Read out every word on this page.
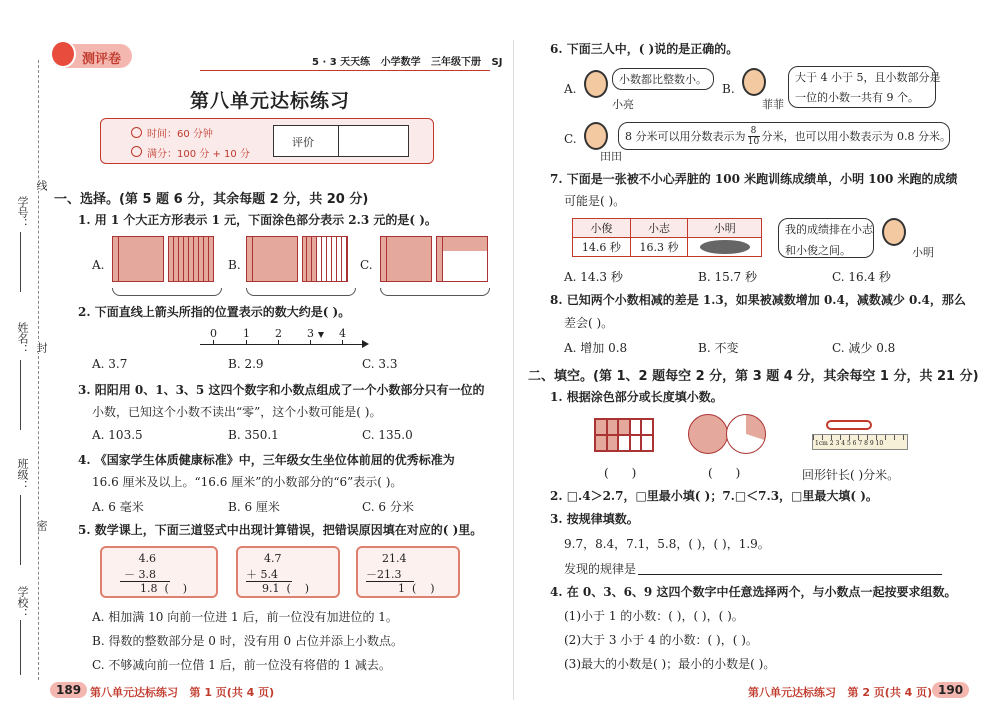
学号：
姓名：
班级：
学校：
线
封
密
测评卷	5 · 3 天天练   小学数学   三年级下册   SJ
第八单元达标练习
时间：60 分钟
满分：100 分 + 10 分
评价
一、选择。(第 5 题 6 分，其余每题 2 分，共 20 分)
1. 用 1 个大正方形表示 1 元，下面涂色部分表示 2.3 元的是( )。
A.	B.	C.
2. 下面直线上箭头所指的位置表示的数大约是( )。
0 1 2 3 4
A. 3.7	B. 2.9	C. 3.3
3. 阳阳用 0、1、3、5 这四个数字和小数点组成了一个小数部分只有一位的
小数，已知这个小数不读出“零”，这个小数可能是( )。
A. 103.5	B. 350.1	C. 135.0
4. 《国家学生体质健康标准》中，三年级女生坐位体前屈的优秀标准为
16.6 厘米及以上。“16.6 厘米”的小数部分的“6”表示( )。
A. 6 毫米	B. 6 厘米	C. 6 分米
5. 数学课上，下面三道竖式中出现计算错误，把错误原因填在对应的( )里。
4.6
－ 3.8
1.8  (    )
4.7
＋ 5.4
9.1  (    )
21.4
－21.3
1  (    )
A. 相加满 10 向前一位进 1 后，前一位没有加进位的 1。
B. 得数的整数部分是 0 时，没有用 0 占位并添上小数点。
C. 不够减向前一位借 1 后，前一位没有将借的 1 减去。
189 第八单元达标练习   第 1 页(共 4 页)
6. 下面三人中，( )说的是正确的。
A.
小数都比整数小。
小亮
B.
大于 4 小于 5，且小数部分是
一位的小数一共有 9 个。
菲菲
C.	8 分米可以用分数表示为 8
10 分米，也可以用小数表示为 0.8 分米。
田田
7. 下面是一张被不小心弄脏的 100 米跑训练成绩单，小明 100 米跑的成绩
可能是( )。
小俊	小志	小明
14.6 秒	16.3 秒	
我的成绩排在小志
和小俊之间。	小明
A. 14.3 秒	B. 15.7 秒	C. 16.4 秒
8. 已知两个小数相减的差是 1.3，如果被减数增加 0.4，减数减少 0.4，那么
差会( )。
A. 增加 0.8	B. 不变	C. 减少 0.8
二、填空。(第 1、2 题每空 2 分，第 3 题 4 分，其余每空 1 分，共 21 分)
1. 根据涂色部分或长度填小数。
(      )	(      )
1cm 2 3 4 5 6 7 8 9 10
回形针长( )分米。
2. □.4＞2.7，□里最小填( )；7.□＜7.3，□里最大填( )。
3. 按规律填数。
9.7，8.4，7.1，5.8，( )，( )，1.9。
发现的规律是
4. 在 0、3、6、9 这四个数字中任意选择两个，与小数点一起按要求组数。
(1)小于 1 的小数：( )，( )，( )。
(2)大于 3 小于 4 的小数：( )，( )。
(3)最大的小数是( )；最小的小数是( )。
第八单元达标练习   第 2 页(共 4 页) 190
